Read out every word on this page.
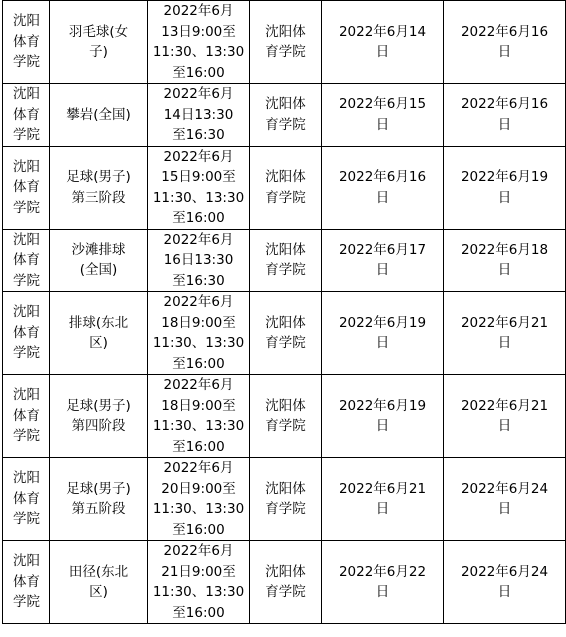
沈阳
体育
学院	羽毛球(女
子)	2022年6月
13日9:00至
11:30、13:30
至16:00	沈阳体
育学院	2022年6月14
日	2022年6月16
日

沈阳
体育
学院	攀岩(全国)	2022年6月
14日13:30
至16:30	沈阳体
育学院	2022年6月15
日	2022年6月16
日

沈阳
体育
学院	足球(男子)
第三阶段	2022年6月
15日9:00至
11:30、13:30
至16:00	沈阳体
育学院	2022年6月16
日	2022年6月19
日

沈阳
体育
学院	沙滩排球
(全国)	2022年6月
16日13:30
至16:30	沈阳体
育学院	2022年6月17
日	2022年6月18
日

沈阳
体育
学院	排球(东北
区)	2022年6月
18日9:00至
11:30、13:30
至16:00	沈阳体
育学院	2022年6月19
日	2022年6月21
日

沈阳
体育
学院	足球(男子)
第四阶段	2022年6月
18日9:00至
11:30、13:30
至16:00	沈阳体
育学院	2022年6月19
日	2022年6月21
日

沈阳
体育
学院	足球(男子)
第五阶段	2022年6月
20日9:00至
11:30、13:30
至16:00	沈阳体
育学院	2022年6月21
日	2022年6月24
日

沈阳
体育
学院	田径(东北
区)	2022年6月
21日9:00至
11:30、13:30
至16:00	沈阳体
育学院	2022年6月22
日	2022年6月24
日
